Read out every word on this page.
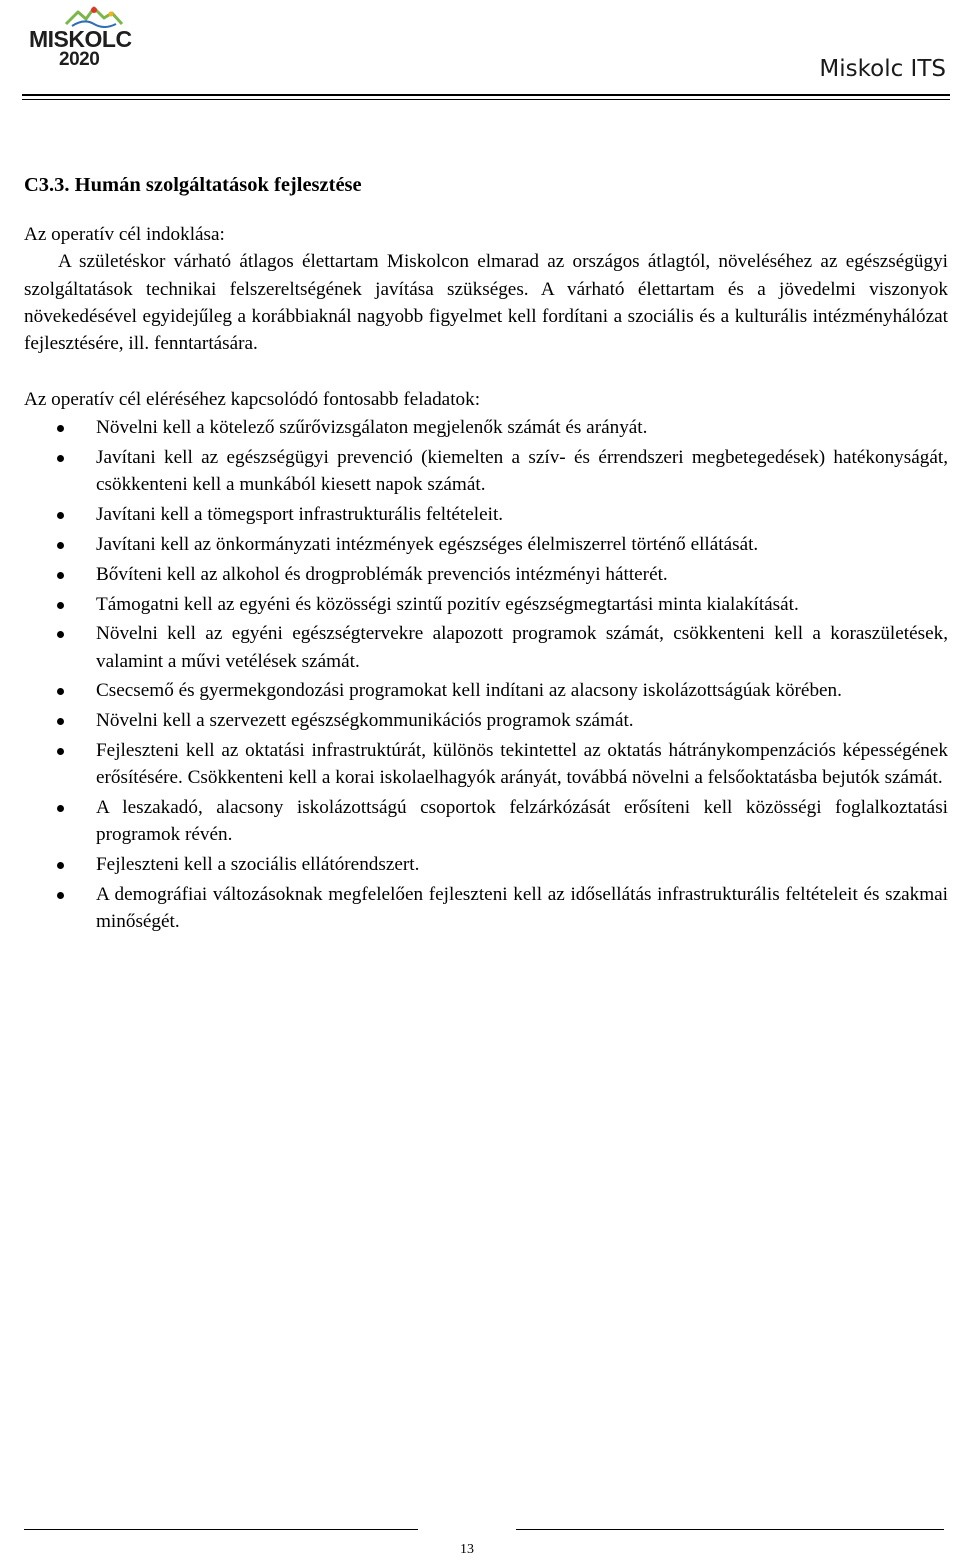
MISKOLC
2020	Miskolc ITS
C3.3. Humán szolgáltatások fejlesztése

Az operatív cél indoklása:

A születéskor várható átlagos élettartam Miskolcon elmarad az országos átlagtól, növeléséhez az egészségügyi szolgáltatások technikai felszereltségének javítása szükséges. A várható élettartam és a jövedelmi viszonyok növekedésével egyidejűleg a korábbiaknál nagyobb figyelmet kell fordítani a szociális és a kulturális intézményhálózat fejlesztésére, ill. fenntartására.

Az operatív cél eléréséhez kapcsolódó fontosabb feladatok:

Növelni kell a kötelező szűrővizsgálaton megjelenők számát és arányát.
Javítani kell az egészségügyi prevenció (kiemelten a szív- és érrendszeri megbetegedések) hatékonyságát, csökkenteni kell a munkából kiesett napok számát.
Javítani kell a tömegsport infrastrukturális feltételeit.
Javítani kell az önkormányzati intézmények egészséges élelmiszerrel történő ellátását.
Bővíteni kell az alkohol és drogproblémák prevenciós intézményi hátterét.
Támogatni kell az egyéni és közösségi szintű pozitív egészségmegtartási minta kialakítását.
Növelni kell az egyéni egészségtervekre alapozott programok számát, csökkenteni kell a koraszületések, valamint a művi vetélések számát.
Csecsemő és gyermekgondozási programokat kell indítani az alacsony iskolázottságúak körében.
Növelni kell a szervezett egészségkommunikációs programok számát.
Fejleszteni kell az oktatási infrastruktúrát, különös tekintettel az oktatás hátránykompenzációs képességének erősítésére. Csökkenteni kell a korai iskolaelhagyók arányát, továbbá növelni a felsőoktatásba bejutók számát.
A leszakadó, alacsony iskolázottságú csoportok felzárkózását erősíteni kell közösségi foglalkoztatási programok révén.
Fejleszteni kell a szociális ellátórendszert.
A demográfiai változásoknak megfelelően fejleszteni kell az idősellátás infrastrukturális feltételeit és szakmai minőségét.
13
